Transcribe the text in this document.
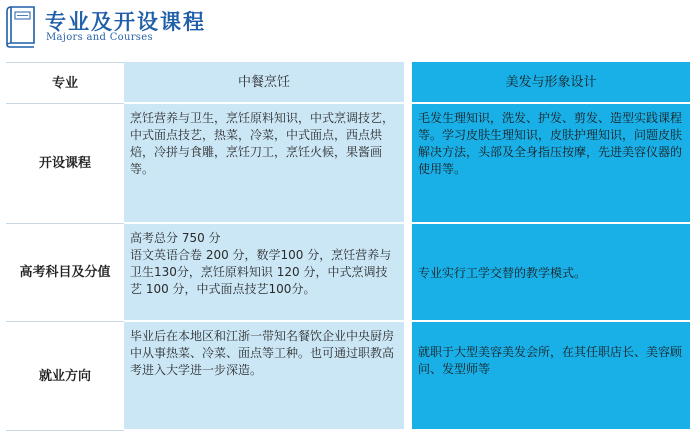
专业及开设课程
Majors and Courses
专业	中餐烹饪	美发与形象设计
开设课程
烹饪营养与卫生，烹饪原料知识，中式烹调技艺，中式面点技艺，热菜，冷菜，中式面点，西点烘焙，冷拼与食雕，烹饪刀工，烹饪火候，果酱画等。
毛发生理知识，洗发、护发、剪发、造型实践课程等。学习皮肤生理知识，皮肤护理知识，问题皮肤解决方法，头部及全身指压按摩，先进美容仪器的使用等。
高考科目及分值
高考总分 750 分
语文英语合卷 200 分，数学100 分，烹饪营养与卫生130分，烹饪原料知识 120 分，中式烹调技艺 100 分，中式面点技艺100分。
专业实行工学交替的教学模式。
就业方向
毕业后在本地区和江浙一带知名餐饮企业中央厨房中从事热菜、冷菜、面点等工种。也可通过职教高考进入大学进一步深造。
就职于大型美容美发会所，在其任职店长、美容顾问、发型师等
